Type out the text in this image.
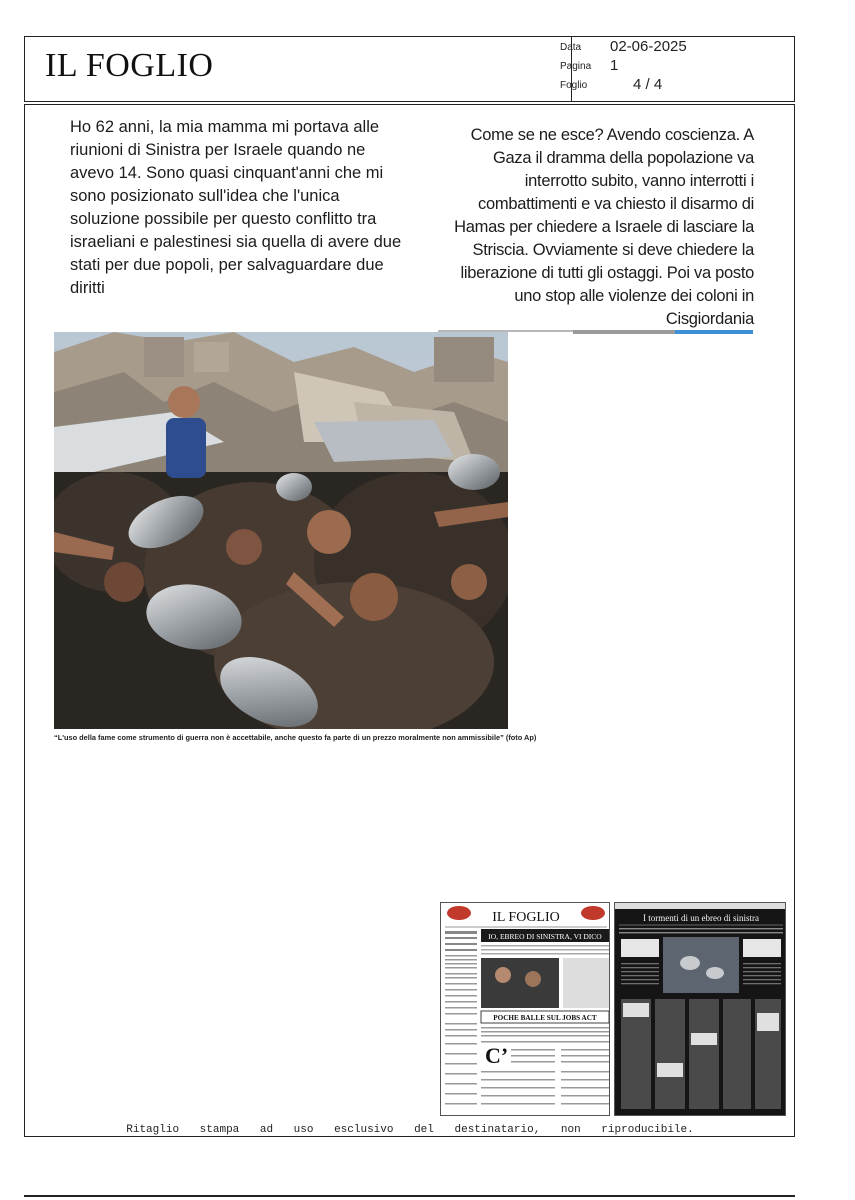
IL FOGLIO	Data 02-06-2025
Pagina 1
Foglio	4 / 4
Ho 62 anni, la mia mamma mi portava alle riunioni di Sinistra per Israele quando ne avevo 14. Sono quasi cinquant'anni che mi sono posizionato sull'idea che l'unica soluzione possibile per questo conflitto tra israeliani e palestinesi sia quella di avere due stati per due popoli, per salvaguardare due diritti
Come se ne esce? Avendo coscienza. A Gaza il dramma della popolazione va interrotto subito, vanno interrotti i combattimenti e va chiesto il disarmo di Hamas per chiedere a Israele di lasciare la Striscia. Ovviamente si deve chiedere la liberazione di tutti gli ostaggi. Poi va posto uno stop alle violenze dei coloni in Cisgiordania
“L'uso della fame come strumento di guerra non è accettabile, anche questo fa parte di un prezzo moralmente non ammissibile” (foto Ap)
IL FOGLIO
IO, EBREO DI SINISTRA, VI DICO
POCHE BALLE SUL JOBS ACT
C’
I tormenti di un ebreo di sinistra
Ritaglio stampa ad uso esclusivo del destinatario, non riproducibile.
